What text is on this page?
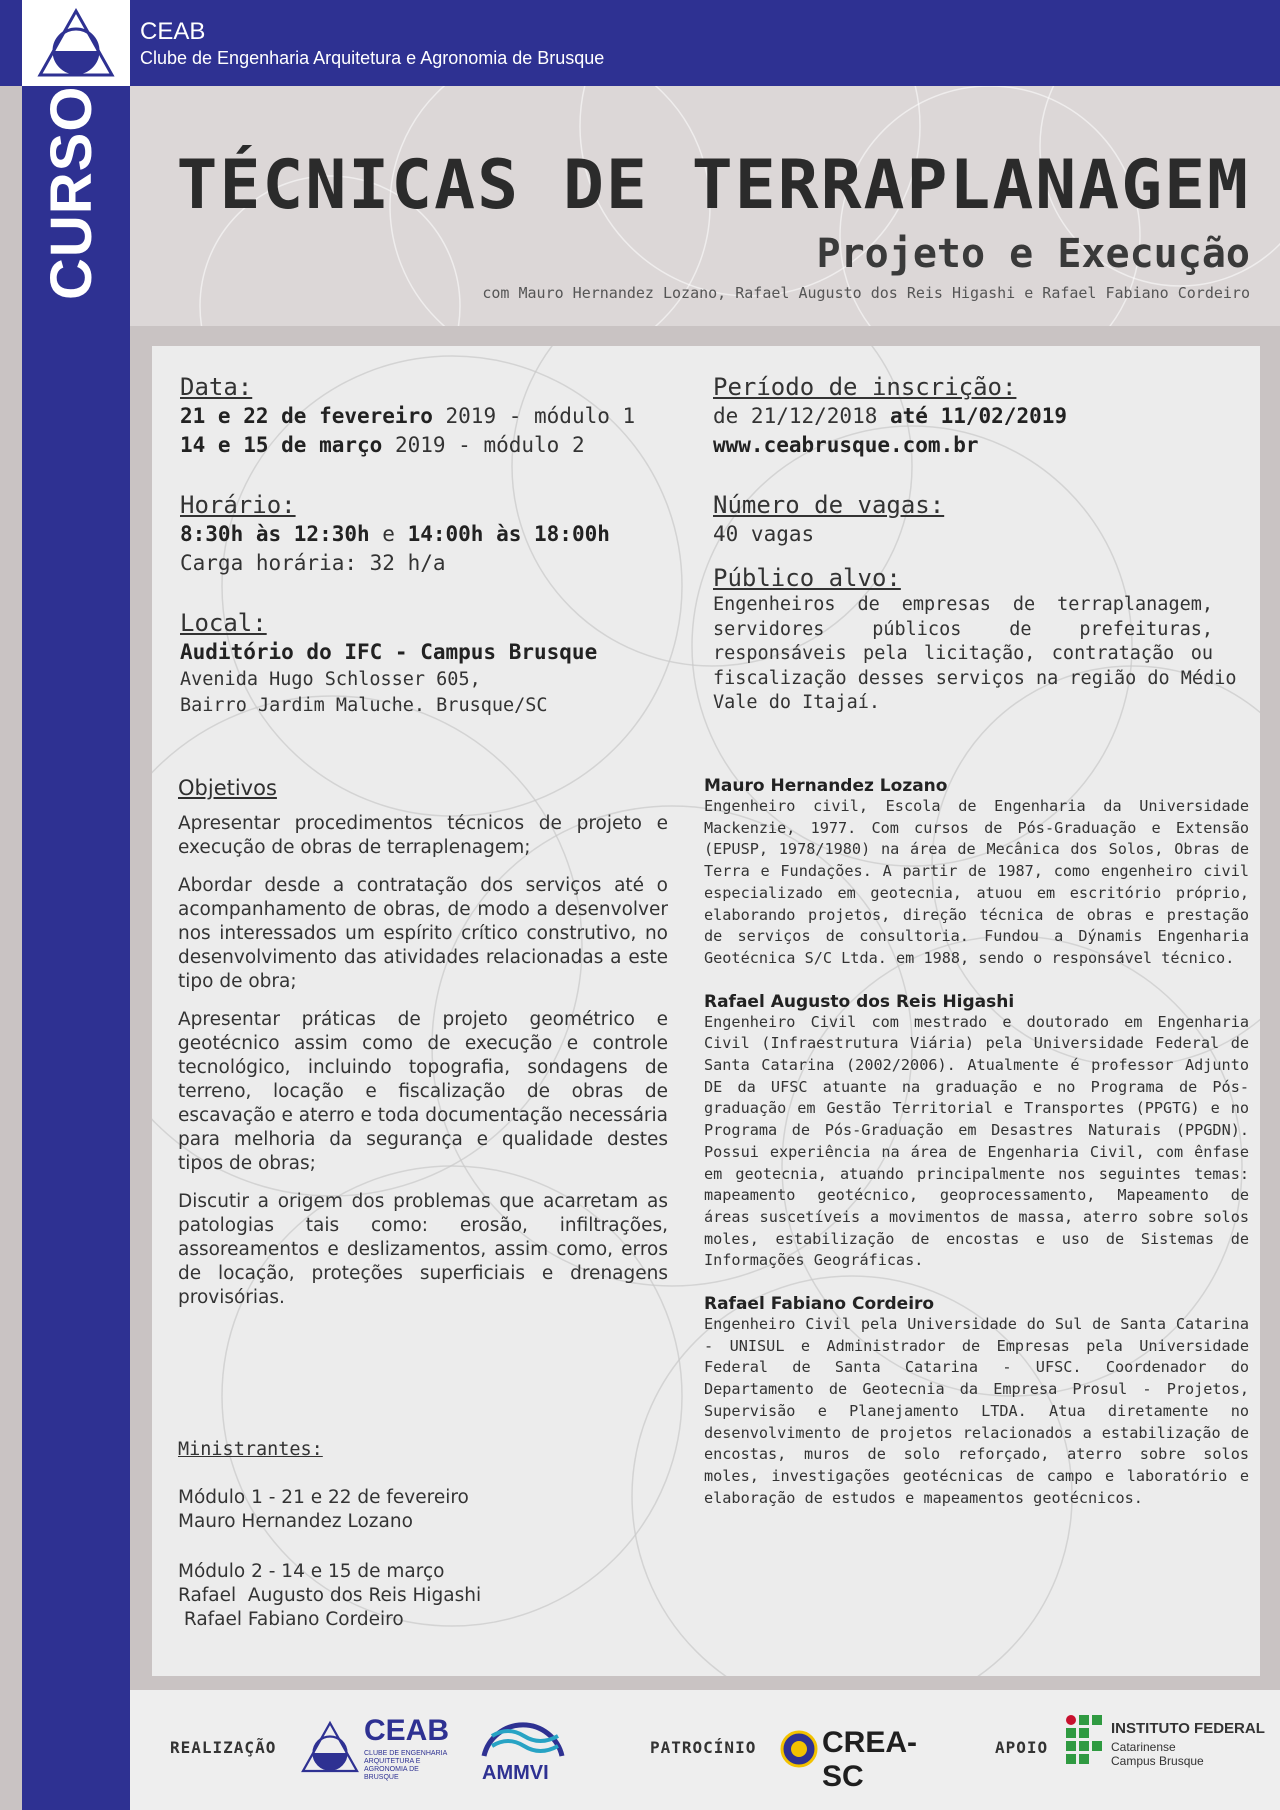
CEAB
Clube de Engenharia Arquitetura e Agronomia de Brusque
TÉCNICAS DE TERRAPLANAGEM
Projeto e Execução
com Mauro Hernandez Lozano, Rafael Augusto dos Reis Higashi e Rafael Fabiano Cordeiro
Data:
21 e 22 de fevereiro 2019 - módulo 1
14 e 15 de março 2019 - módulo 2
Horário:
8:30h às 12:30h e 14:00h às 18:00h
Carga horária: 32 h/a
Local:
Auditório do IFC - Campus Brusque
Avenida Hugo Schlosser 605,
Bairro Jardim Maluche. Brusque/SC
Período de inscrição:
de 21/12/2018 até 11/02/2019
www.ceabrusque.com.br
Número de vagas:
40 vagas
Público alvo:
Engenheiros de empresas de terraplanagem,
servidores públicos de prefeituras,
responsáveis pela licitação, contratação ou
fiscalização desses serviços na região do Médio
Vale do Itajaí.
Objetivos
Apresentar procedimentos técnicos de projeto e execução de obras de terraplenagem;
Abordar desde a contratação dos serviços até o acompanhamento de obras, de modo a desenvolver nos interessados um espírito crítico construtivo, no desenvolvimento das atividades relacionadas a este tipo de obra;
Apresentar práticas de projeto geométrico e geotécnico assim como de execução e controle tecnológico, incluindo topografia, sondagens de terreno, locação e fiscalização de obras de escavação e aterro e toda documentação necessária para melhoria da segurança e qualidade destes tipos de obras;
Discutir a origem dos problemas que acarretam as patologias tais como: erosão, infiltrações, assoreamentos e deslizamentos, assim como, erros de locação, proteções superficiais e drenagens provisórias.
Ministrantes:
Módulo 1 - 21 e 22 de fevereiro
Mauro Hernandez Lozano
Módulo 2 - 14 e 15 de março
Rafael  Augusto dos Reis Higashi
Rafael Fabiano Cordeiro
Mauro Hernandez Lozano
Engenheiro civil, Escola de Engenharia da Universidade Mackenzie, 1977. Com cursos de Pós-Graduação e Extensão (EPUSP, 1978/1980) na área de Mecânica dos Solos, Obras de Terra e Fundações. A partir de 1987, como engenheiro civil especializado em geotecnia, atuou em escritório próprio, elaborando projetos, direção técnica de obras e prestação de serviços de consultoria. Fundou a Dýnamis Engenharia Geotécnica S/C Ltda. em 1988, sendo o responsável técnico.
Rafael Augusto dos Reis Higashi
Engenheiro Civil com mestrado e doutorado em Engenharia Civil (Infraestrutura Viária) pela Universidade Federal de Santa Catarina (2002/2006). Atualmente é professor Adjunto DE da UFSC atuante na graduação e no Programa de Pós-graduação em Gestão Territorial e Transportes (PPGTG) e no Programa de Pós-Graduação em Desastres Naturais (PPGDN). Possui experiência na área de Engenharia Civil, com ênfase em geotecnia, atuando principalmente nos seguintes temas: mapeamento geotécnico, geoprocessamento, Mapeamento de áreas suscetíveis a movimentos de massa, aterro sobre solos moles, estabilização de encostas e uso de Sistemas de Informações Geográficas.
Rafael Fabiano Cordeiro
Engenheiro Civil pela Universidade do Sul de Santa Catarina - UNISUL e Administrador de Empresas pela Universidade Federal de Santa Catarina - UFSC. Coordenador do Departamento de Geotecnia da Empresa Prosul - Projetos, Supervisão e Planejamento LTDA. Atua diretamente no desenvolvimento de projetos relacionados a estabilização de encostas, muros de solo reforçado, aterro sobre solos moles, investigações geotécnicas de campo e laboratório e elaboração de estudos e mapeamentos geotécnicos.
REALIZAÇÃO
CEAB
CLUBE DE ENGENHARIA ARQUITETURA E AGRONOMIA DE BRUSQUE	AMMVI
PATROCÍNIO CREA-SC
APOIO
INSTITUTO FEDERAL
Catarinense
Campus Brusque
